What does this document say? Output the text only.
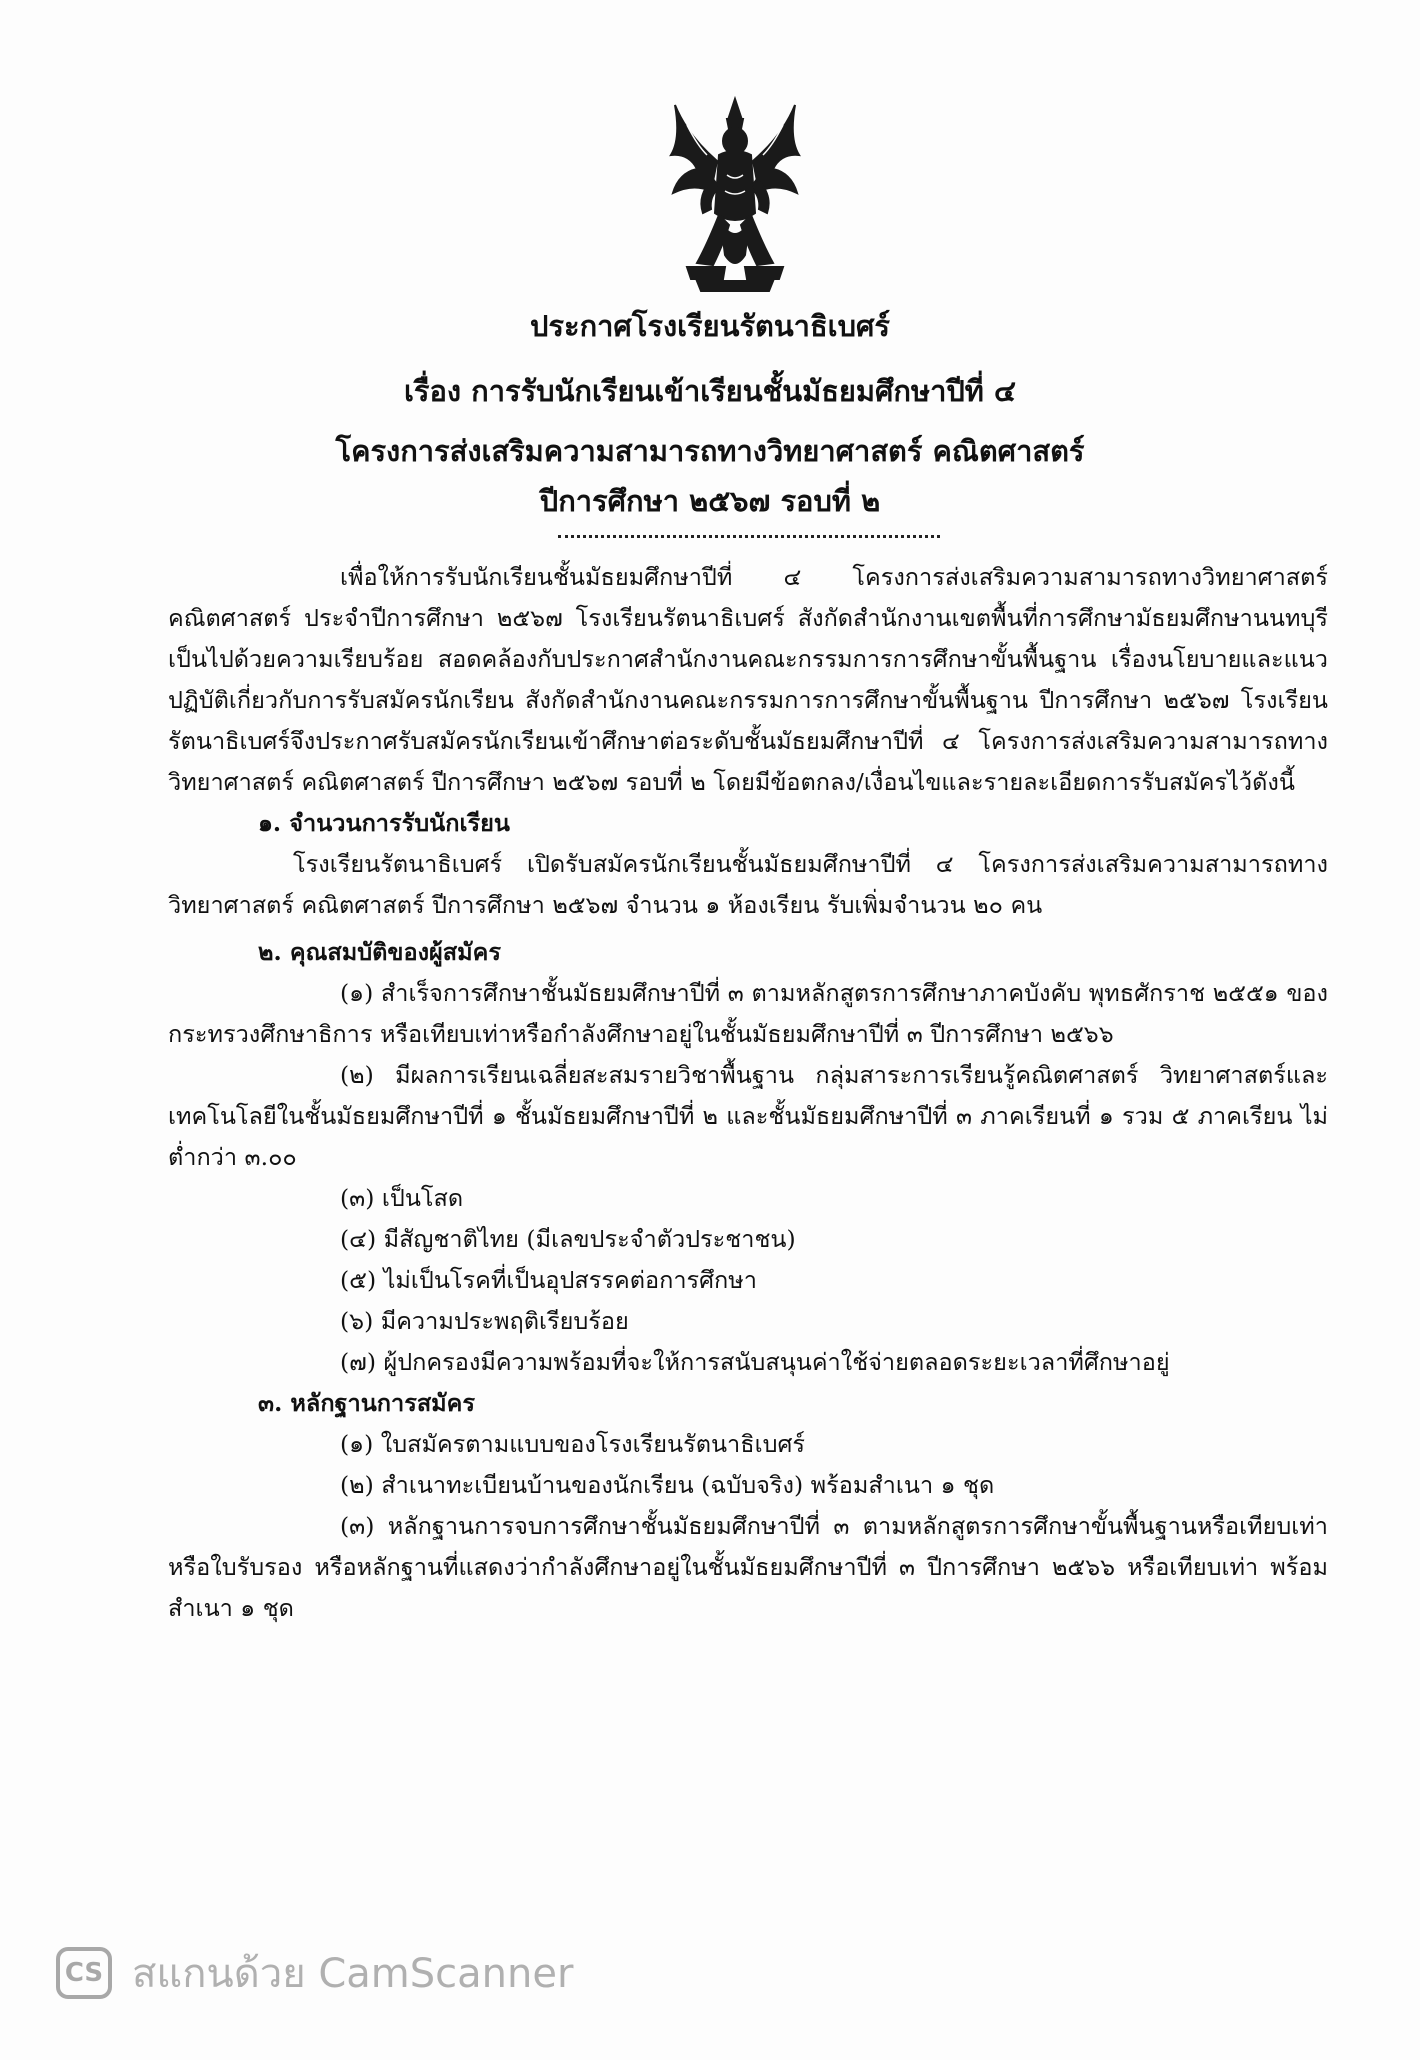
ประกาศโรงเรียนรัตนาธิเบศร์
เรื่อง การรับนักเรียนเข้าเรียนชั้นมัธยมศึกษาปีที่ ๔
โครงการส่งเสริมความสามารถทางวิทยาศาสตร์ คณิตศาสตร์
ปีการศึกษา ๒๕๖๗ รอบที่ ๒

เพื่อให้การรับนักเรียนชั้นมัธยมศึกษาปีที่ ๔ โครงการส่งเสริมความสามารถทางวิทยาศาสตร์ คณิตศาสตร์ ประจำปีการศึกษา ๒๕๖๗ โรงเรียนรัตนาธิเบศร์ สังกัดสำนักงานเขตพื้นที่การศึกษามัธยมศึกษานนทบุรี เป็นไปด้วยความเรียบร้อย สอดคล้องกับประกาศสำนักงานคณะกรรมการการศึกษาขั้นพื้นฐาน เรื่องนโยบายและแนวปฏิบัติเกี่ยวกับการรับสมัครนักเรียน สังกัดสำนักงานคณะกรรมการการศึกษาขั้นพื้นฐาน ปีการศึกษา ๒๕๖๗ โรงเรียนรัตนาธิเบศร์จึงประกาศรับสมัครนักเรียนเข้าศึกษาต่อระดับชั้นมัธยมศึกษาปีที่ ๔ โครงการส่งเสริมความสามารถทางวิทยาศาสตร์ คณิตศาสตร์ ปีการศึกษา ๒๕๖๗ รอบที่ ๒ โดยมีข้อตกลง/เงื่อนไขและรายละเอียดการรับสมัครไว้ดังนี้

๑. จำนวนการรับนักเรียน

โรงเรียนรัตนาธิเบศร์ เปิดรับสมัครนักเรียนชั้นมัธยมศึกษาปีที่ ๔ โครงการส่งเสริมความสามารถทางวิทยาศาสตร์ คณิตศาสตร์ ปีการศึกษา ๒๕๖๗ จำนวน ๑ ห้องเรียน รับเพิ่มจำนวน ๒๐ คน

๒. คุณสมบัติของผู้สมัคร

(๑) สำเร็จการศึกษาชั้นมัธยมศึกษาปีที่ ๓ ตามหลักสูตรการศึกษาภาคบังคับ พุทธศักราช ๒๕๕๑ ของกระทรวงศึกษาธิการ หรือเทียบเท่าหรือกำลังศึกษาอยู่ในชั้นมัธยมศึกษาปีที่ ๓ ปีการศึกษา ๒๕๖๖

(๒) มีผลการเรียนเฉลี่ยสะสมรายวิชาพื้นฐาน กลุ่มสาระการเรียนรู้คณิตศาสตร์ วิทยาศาสตร์และเทคโนโลยีในชั้นมัธยมศึกษาปีที่ ๑ ชั้นมัธยมศึกษาปีที่ ๒ และชั้นมัธยมศึกษาปีที่ ๓ ภาคเรียนที่ ๑ รวม ๕ ภาคเรียน ไม่ต่ำกว่า ๓.๐๐

(๓) เป็นโสด

(๔) มีสัญชาติไทย (มีเลขประจำตัวประชาชน)

(๕) ไม่เป็นโรคที่เป็นอุปสรรคต่อการศึกษา

(๖) มีความประพฤติเรียบร้อย

(๗) ผู้ปกครองมีความพร้อมที่จะให้การสนับสนุนค่าใช้จ่ายตลอดระยะเวลาที่ศึกษาอยู่

๓. หลักฐานการสมัคร

(๑) ใบสมัครตามแบบของโรงเรียนรัตนาธิเบศร์

(๒) สำเนาทะเบียนบ้านของนักเรียน (ฉบับจริง) พร้อมสำเนา ๑ ชุด

(๓) หลักฐานการจบการศึกษาชั้นมัธยมศึกษาปีที่ ๓ ตามหลักสูตรการศึกษาขั้นพื้นฐานหรือเทียบเท่า หรือใบรับรอง หรือหลักฐานที่แสดงว่ากำลังศึกษาอยู่ในชั้นมัธยมศึกษาปีที่ ๓ ปีการศึกษา ๒๕๖๖ หรือเทียบเท่า พร้อมสำเนา ๑ ชุด

CS สแกนด้วย CamScanner
